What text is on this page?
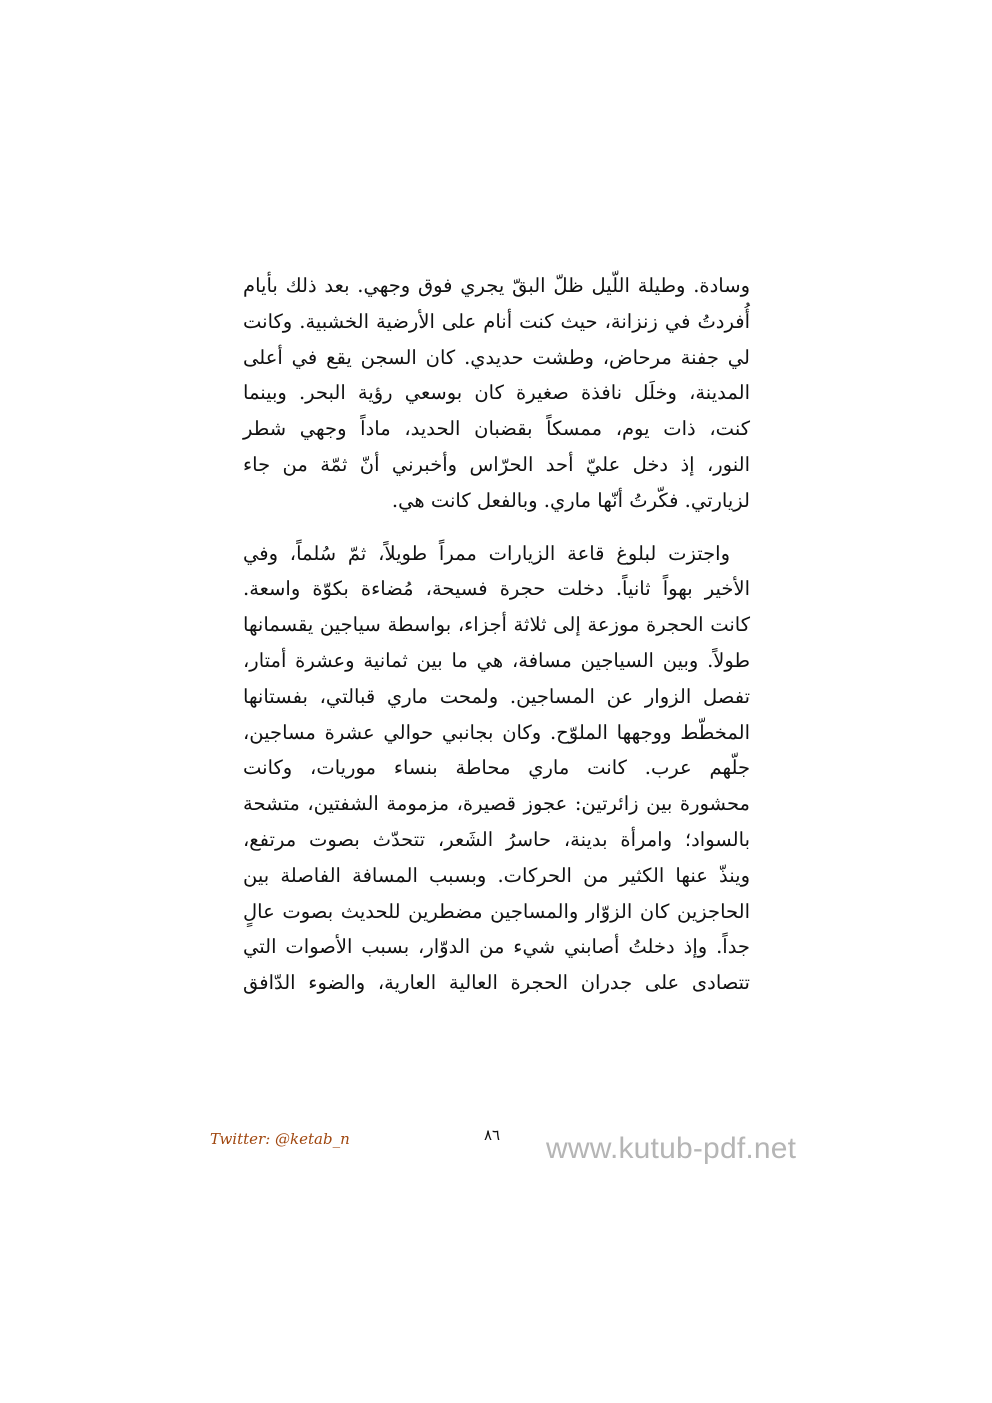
وسادة. وطيلة اللّيل ظلّ البقّ يجري فوق وجهي. بعد ذلك بأيام
أُفردتُ في زنزانة، حيث كنت أنام على الأرضية الخشبية. وكانت
لي جفنة مرحاض، وطشت حديدي. كان السجن يقع في أعلى
المدينة، وخلَل نافذة صغيرة كان بوسعي رؤية البحر. وبينما
كنت، ذات يوم، ممسكاً بقضبان الحديد، ماداً وجهي شطر
النور، إذ دخل عليّ أحد الحرّاس وأخبرني أنّ ثمّة من جاء
لزيارتي. فكّرتُ أنّها ماري. وبالفعل كانت هي.
واجتزت لبلوغ قاعة الزيارات ممراً طويلاً، ثمّ سُلماً، وفي
الأخير بهواً ثانياً. دخلت حجرة فسيحة، مُضاءة بكوّة واسعة.
كانت الحجرة موزعة إلى ثلاثة أجزاء، بواسطة سياجين يقسمانها
طولاً. وبين السياجين مسافة، هي ما بين ثمانية وعشرة أمتار،
تفصل الزوار عن المساجين. ولمحت ماري قبالتي، بفستانها
المخطّط ووجهها الملوّح. وكان بجانبي حوالي عشرة مساجين،
جلّهم عرب. كانت ماري محاطة بنساء موريات، وكانت
محشورة بين زائرتين: عجوز قصيرة، مزمومة الشفتين، متشحة
بالسواد؛ وامرأة بدينة، حاسرُ الشَعر، تتحدّث بصوت مرتفع،
وينذّ عنها الكثير من الحركات. وبسبب المسافة الفاصلة بين
الحاجزين كان الزوّار والمساجين مضطرين للحديث بصوت عالٍ
جداً. وإذ دخلتُ أصابني شيء من الدوّار، بسبب الأصوات التي
تتصادى على جدران الحجرة العالية العارية، والضوء الدّافق
Twitter: @ketab_n	٨٦ www.kutub-pdf.net
